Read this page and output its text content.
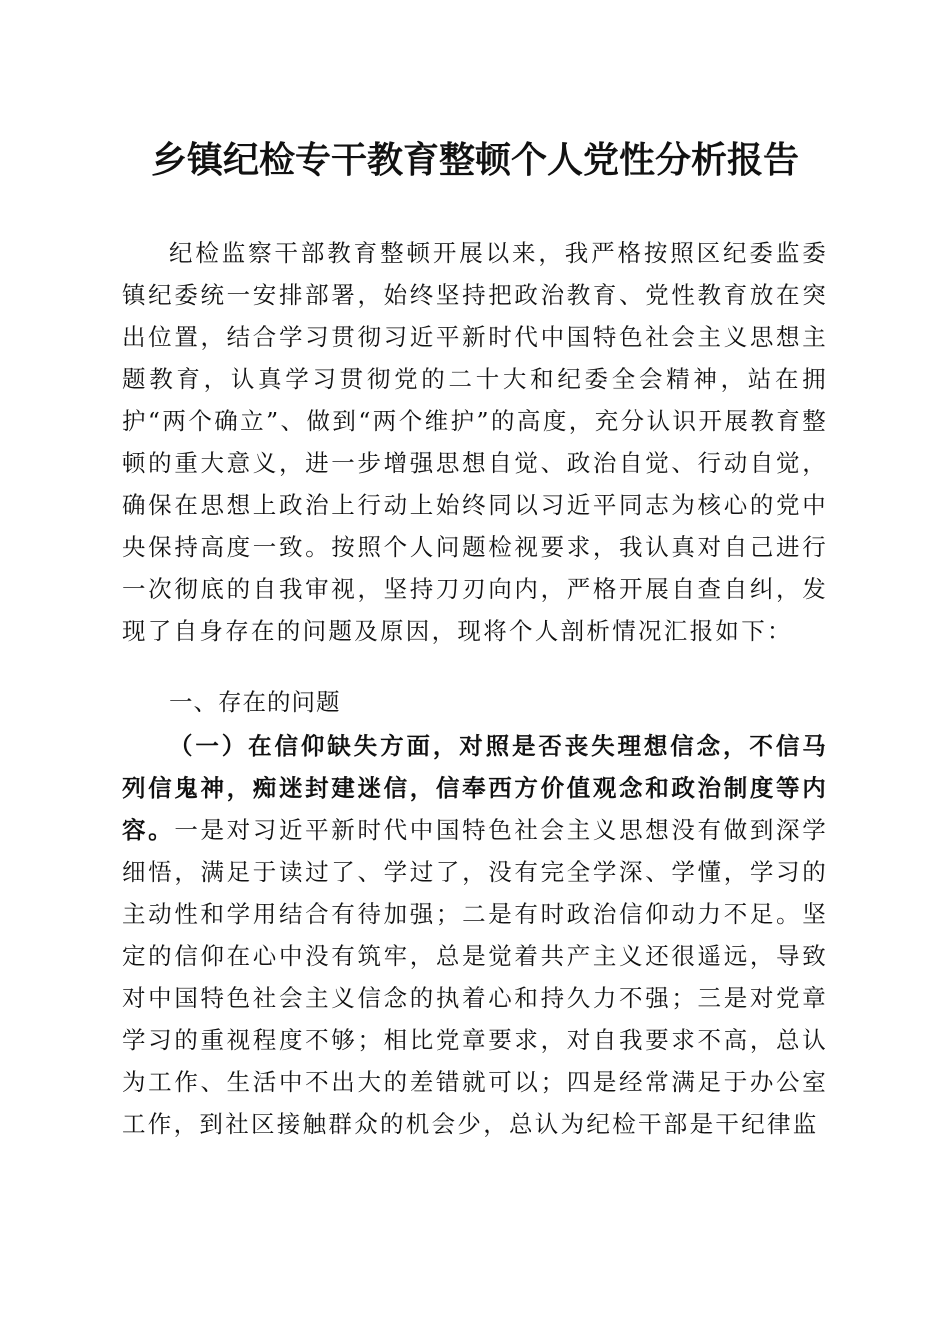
乡镇纪检专干教育整顿个人党性分析报告

纪检监察干部教育整顿开展以来，我严格按照区纪委监委镇纪委统一安排部署，始终坚持把政治教育、党性教育放在突出位置，结合学习贯彻习近平新时代中国特色社会主义思想主题教育，认真学习贯彻党的二十大和纪委全会精神，站在拥护“两个确立”、做到“两个维护”的高度，充分认识开展教育整顿的重大意义，进一步增强思想自觉、政治自觉、行动自觉，确保在思想上政治上行动上始终同以习近平同志为核心的党中央保持高度一致。按照个人问题检视要求，我认真对自己进行一次彻底的自我审视，坚持刀刃向内，严格开展自查自纠，发现了自身存在的问题及原因，现将个人剖析情况汇报如下：

一、存在的问题

（一）在信仰缺失方面，对照是否丧失理想信念，不信马列信鬼神，痴迷封建迷信，信奉西方价值观念和政治制度等内容。一是对习近平新时代中国特色社会主义思想没有做到深学细悟，满足于读过了、学过了，没有完全学深、学懂，学习的主动性和学用结合有待加强；二是有时政治信仰动力不足。坚定的信仰在心中没有筑牢，总是觉着共产主义还很遥远，导致对中国特色社会主义信念的执着心和持久力不强；三是对党章学习的重视程度不够；相比党章要求，对自我要求不高，总认为工作、生活中不出大的差错就可以；四是经常满足于办公室工作，到社区接触群众的机会少，总认为纪检干部是干纪律监
